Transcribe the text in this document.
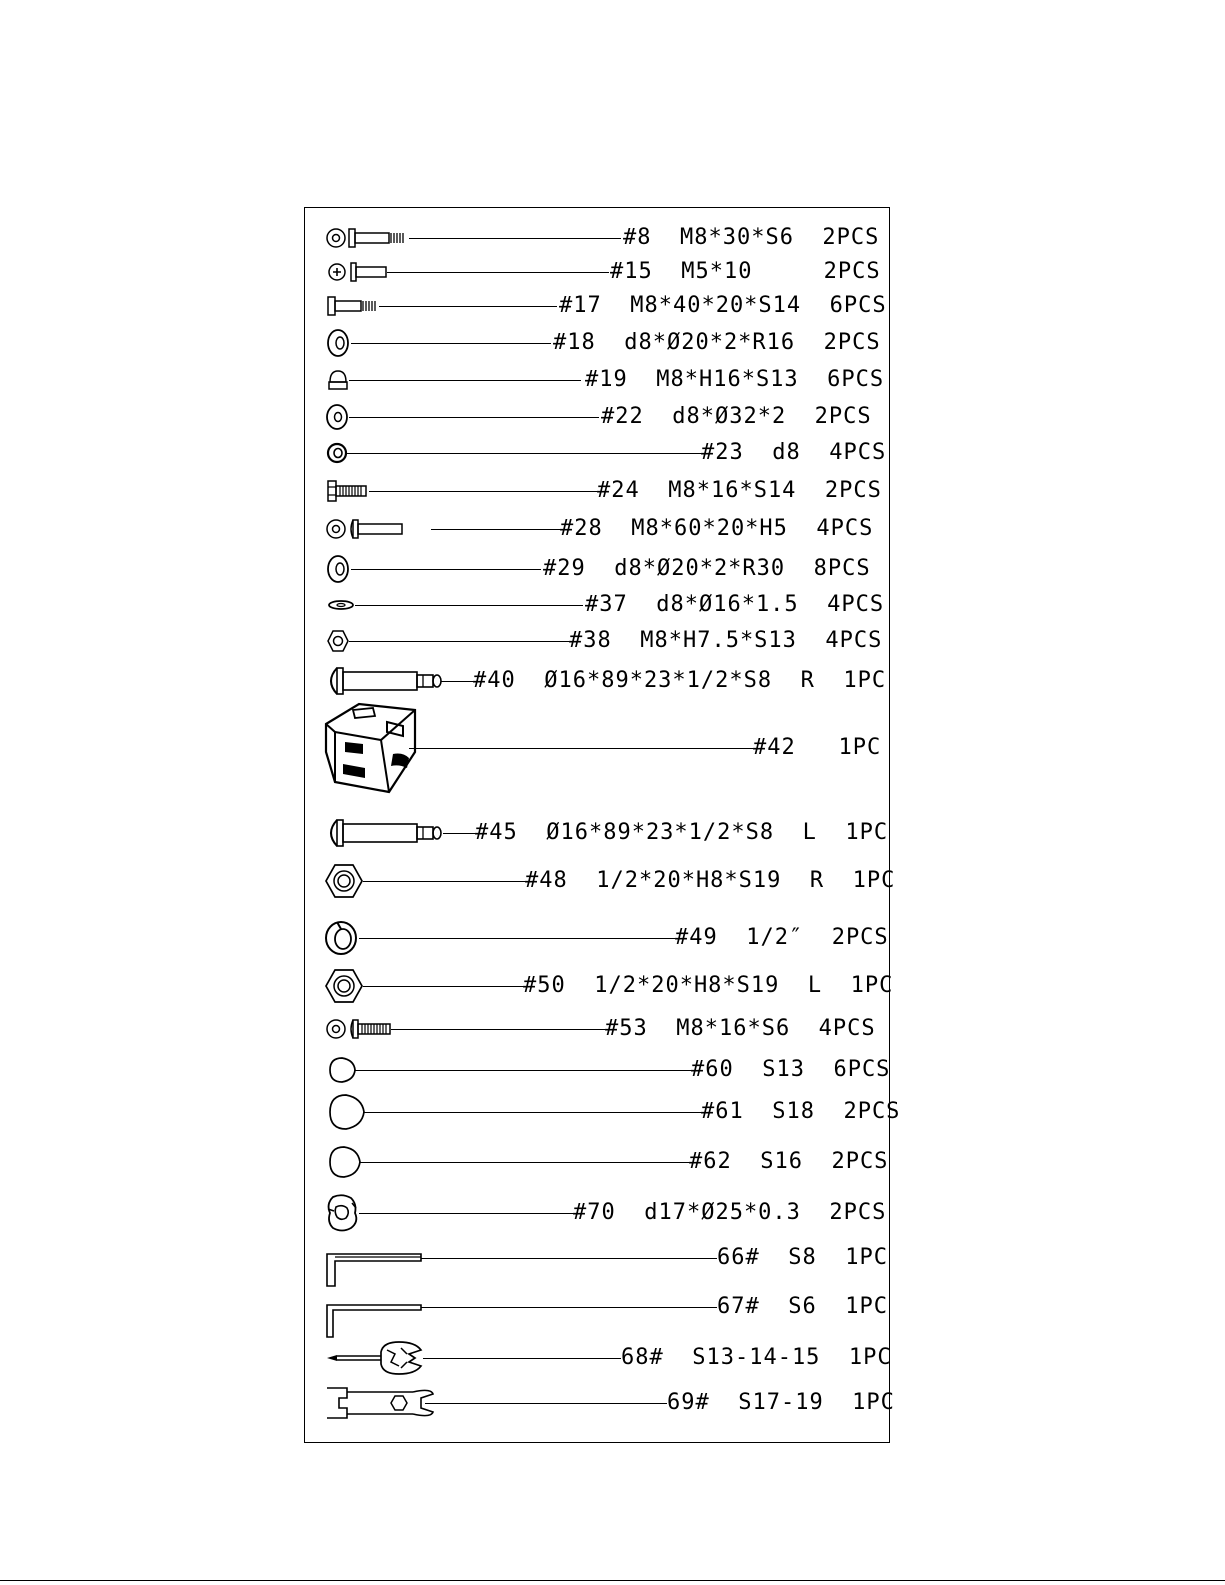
#8  M8*30*S6  2PCS
#15  M5*10     2PCS
#17  M8*40*20*S14  6PCS
#18  d8*Ø20*2*R16  2PCS
#19  M8*H16*S13  6PCS
#22  d8*Ø32*2  2PCS
#23  d8  4PCS
#24  M8*16*S14  2PCS
#28  M8*60*20*H5  4PCS
#29  d8*Ø20*2*R30  8PCS
#37  d8*Ø16*1.5  4PCS
#38  M8*H7.5*S13  4PCS
#40  Ø16*89*23*1/2*S8  R  1PC
#42   1PC
#45  Ø16*89*23*1/2*S8  L  1PC
#48  1/2*20*H8*S19  R  1PC
#49  1/2″  2PCS
#50  1/2*20*H8*S19  L  1PC
#53  M8*16*S6  4PCS
#60  S13  6PCS
#61  S18  2PCS
#62  S16  2PCS
#70  d17*Ø25*0.3  2PCS
66#  S8  1PC
67#  S6  1PC
68#  S13-14-15  1PC
69#  S17-19  1PC
